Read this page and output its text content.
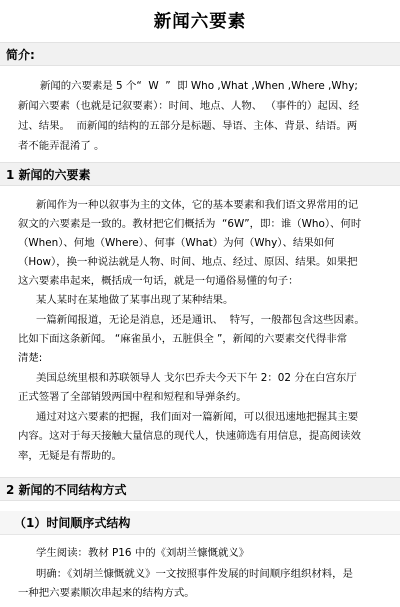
新闻六要素
简介:
新闻的六要素是 5 个“  W  ”  即 Who ,What ,When ,Where ,Why;
新闻六要素（也就是记叙要素）：时间、地点、人物、 （事件的）起因、经
过、结果。  而新闻的结构的五部分是标题、导语、主体、背景、结语。两
者不能弄混淆了 。
1 新闻的六要素
新闻作为一种以叙事为主的文体，它的基本要素和我们语文界常用的记
叙文的六要素是一致的。教材把它们概括为  “6W”，即：谁（Who）、何时
（When）、何地（Where）、何事（What）为何（Why）、结果如何
（How），换一种说法就是人物、时间、地点、经过、原因、结果。如果把
这六要素串起来，概括成一句话，就是一句通俗易懂的句子：
某人某时在某地做了某事出现了某种结果。
一篇新闻报道，无论是消息，还是通讯、  特写，一般都包含这些因素。
比如下面这条新闻。 “麻雀虽小，五脏俱全 ”，新闻的六要素交代得非常
清楚:
美国总统里根和苏联领导人 戈尔巴乔夫今天下午 2：02 分在白宫东厅
正式签署了全部销毁两国中程和短程和导弹条约。
通过对这六要素的把握，我们面对一篇新闻，可以很迅速地把握其主要
内容。这对于每天接触大量信息的现代人，快速筛选有用信息，提高阅读效
率，无疑是有帮助的。
2 新闻的不同结构方式
（1）时间顺序式结构
学生阅读：教材 P16 中的《刘胡兰慷慨就义》
明确：《刘胡兰慷慨就义》一文按照事件发展的时间顺序组织材料，是
一种把六要素顺次串起来的结构方式。
